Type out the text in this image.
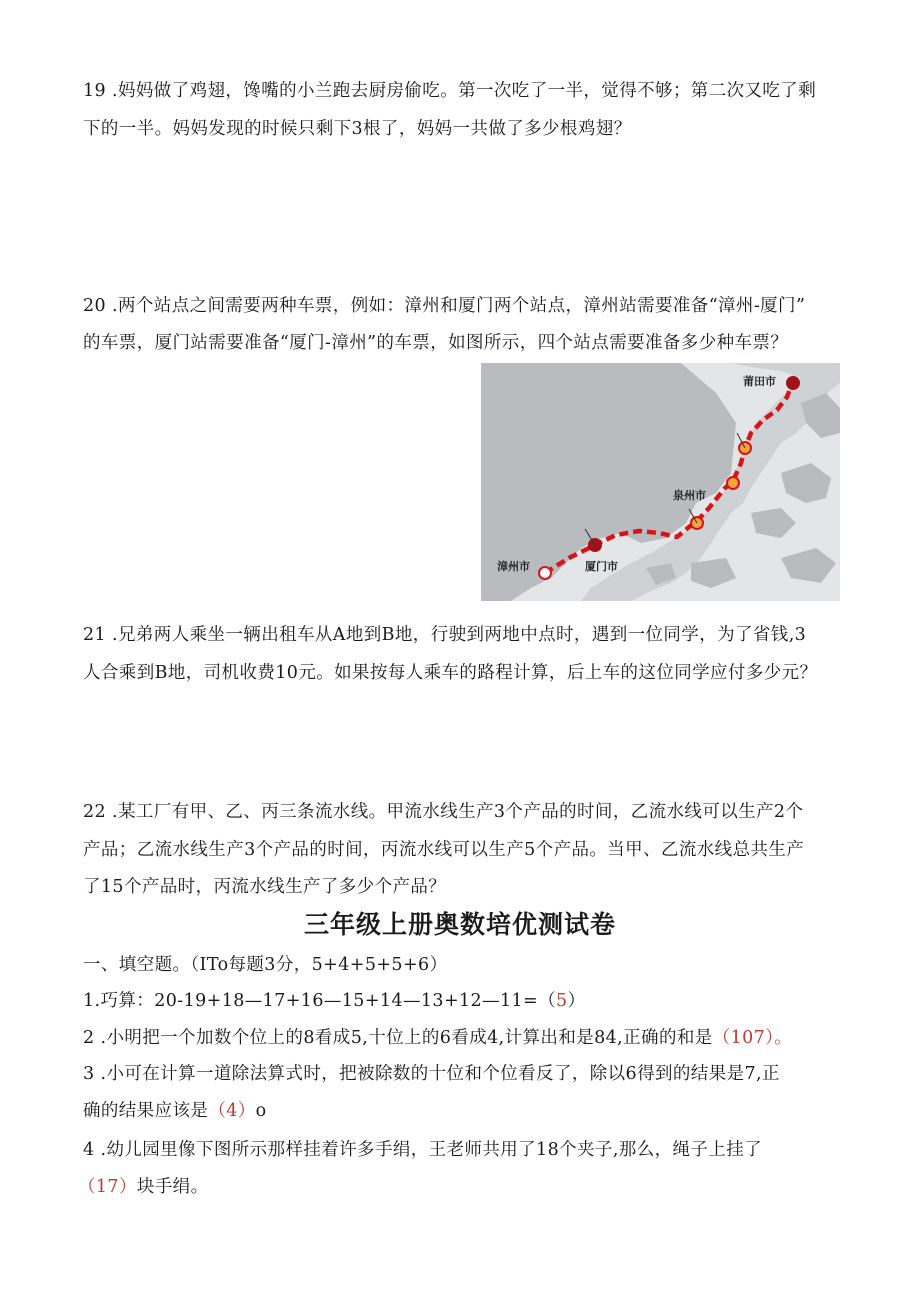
19 .妈妈做了鸡翅，馋嘴的小兰跑去厨房偷吃。第一次吃了一半，觉得不够；第二次又吃了剩
下的一半。妈妈发现的时候只剩下3根了，妈妈一共做了多少根鸡翅？
20 .两个站点之间需要两种车票，例如：漳州和厦门两个站点，漳州站需要准备“漳州-厦门”
的车票，厦门站需要准备“厦门-漳州”的车票，如图所示，四个站点需要准备多少种车票？
莆田市
泉州市
厦门市
漳州市
21 .兄弟两人乘坐一辆出租车从A地到B地，行驶到两地中点时，遇到一位同学，为了省钱,3
人合乘到B地，司机收费10元。如果按每人乘车的路程计算，后上车的这位同学应付多少元？
22 .某工厂有甲、乙、丙三条流水线。甲流水线生产3个产品的时间，乙流水线可以生产2个
产品；乙流水线生产3个产品的时间，丙流水线可以生产5个产品。当甲、乙流水线总共生产
了15个产品时，丙流水线生产了多少个产品？
三年级上册奥数培优测试卷
一、填空题。（ITo每题3分，5+4+5+5+6）
1.巧算：20-19+18—17+16—15+14—13+12—11=（5）
2 .小明把一个加数个位上的8看成5,十位上的6看成4,计算出和是84,正确的和是（107）。
3 .小可在计算一道除法算式时，把被除数的十位和个位看反了，除以6得到的结果是7,正
确的结果应该是（4）o
4 .幼儿园里像下图所示那样挂着许多手绢，王老师共用了18个夹子,那么，绳子上挂了
（17）块手绢。
